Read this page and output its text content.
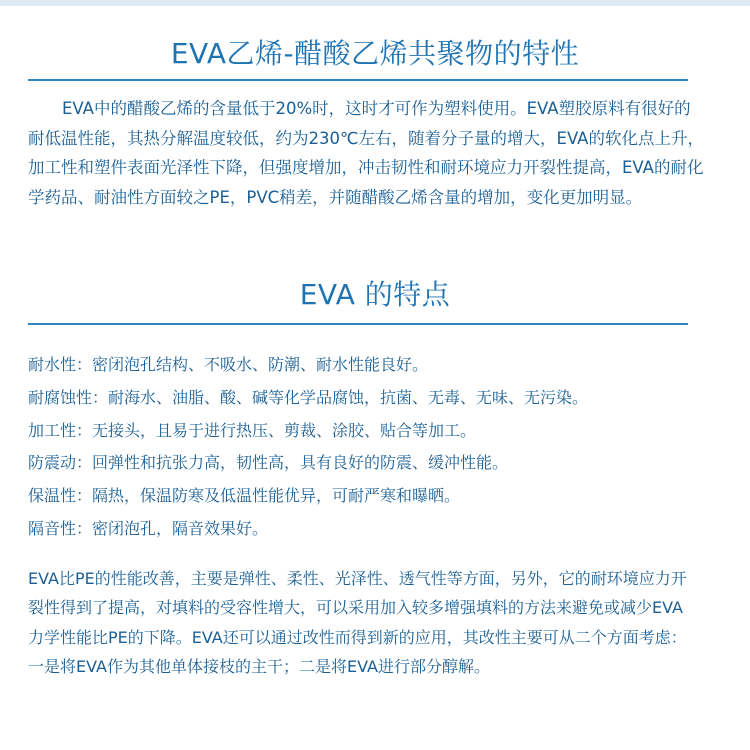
EVA乙烯-醋酸乙烯共聚物的特性
EVA中的醋酸乙烯的含量低于20%时，这时才可作为塑料使用。EVA塑胶原料有很好的
耐低温性能，其热分解温度较低，约为230℃左右，随着分子量的增大，EVA的软化点上升，
加工性和塑件表面光泽性下降，但强度增加，冲击韧性和耐环境应力开裂性提高，EVA的耐化
学药品、耐油性方面较之PE，PVC稍差，并随醋酸乙烯含量的增加，变化更加明显。
EVA 的特点
耐水性：密闭泡孔结构、不吸水、防潮、耐水性能良好。
耐腐蚀性：耐海水、油脂、酸、碱等化学品腐蚀，抗菌、无毒、无味、无污染。
加工性：无接头，且易于进行热压、剪裁、涂胶、贴合等加工。
防震动：回弹性和抗张力高，韧性高，具有良好的防震、缓冲性能。
保温性：隔热，保温防寒及低温性能优异，可耐严寒和曝晒。
隔音性：密闭泡孔，隔音效果好。
EVA比PE的性能改善，主要是弹性、柔性、光泽性、透气性等方面，另外，它的耐环境应力开
裂性得到了提高，对填料的受容性增大，可以采用加入较多增强填料的方法来避免或减少EVA
力学性能比PE的下降。EVA还可以通过改性而得到新的应用，其改性主要可从二个方面考虑：
一是将EVA作为其他单体接枝的主干；二是将EVA进行部分醇解。
